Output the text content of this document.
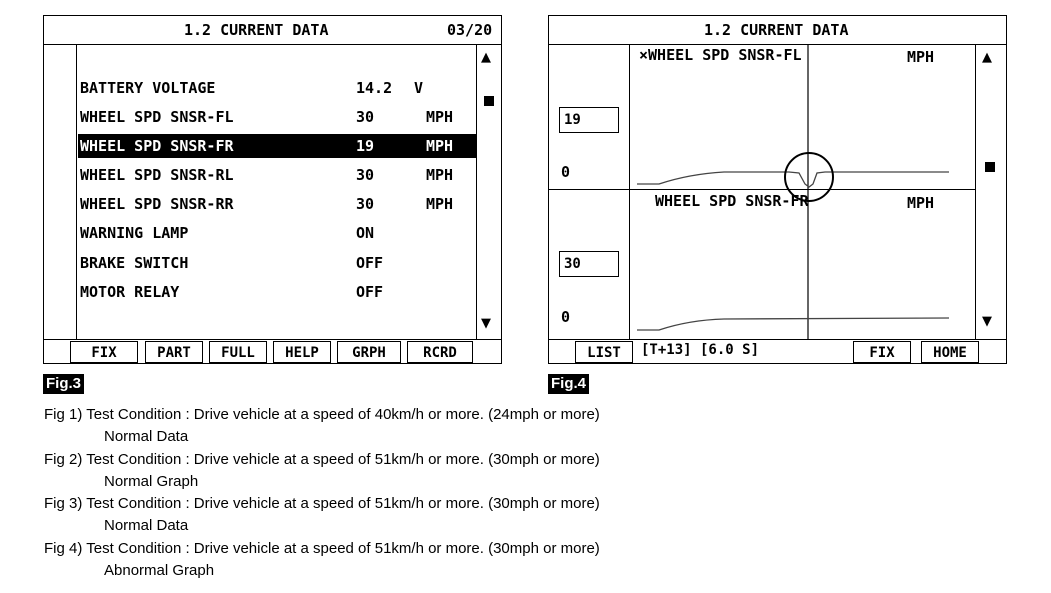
1.2 CURRENT DATA	03/20
▲
▼
BATTERY VOLTAGE	14.2 V
WHEEL SPD SNSR-FL	30	MPH
WHEEL SPD SNSR-FR	19	MPH
WHEEL SPD SNSR-RL	30	MPH
WHEEL SPD SNSR-RR	30	MPH
WARNING LAMP	ON
BRAKE SWITCH	OFF
MOTOR RELAY	OFF
FIX	PART	FULL	HELP	GRPH	RCRD
Fig.3
1.2 CURRENT DATA
▲
▼
×WHEEL SPD SNSR-FL	MPH
19
0
WHEEL SPD SNSR-FR	MPH
30
0
LIST	[T+13] [6.0 S]	FIX	HOME
Fig.4
Fig 1) Test Condition : Drive vehicle at a speed of 40km/h or more. (24mph or more)
Normal Data
Fig 2) Test Condition : Drive vehicle at a speed of 51km/h or more. (30mph or more)
Normal Graph
Fig 3) Test Condition : Drive vehicle at a speed of 51km/h or more. (30mph or more)
Normal Data
Fig 4) Test Condition : Drive vehicle at a speed of 51km/h or more. (30mph or more)
Abnormal Graph
